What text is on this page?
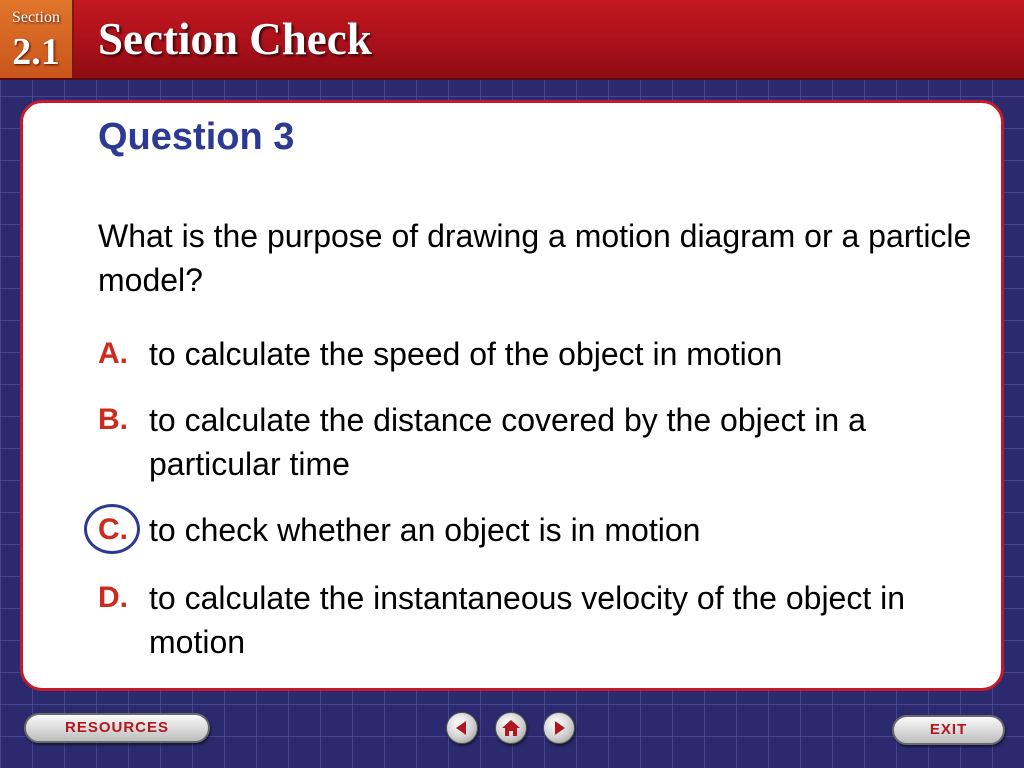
Section
2.1 Section Check
Question 3
What is the purpose of drawing a motion diagram or a particle model?
A. to calculate the speed of the object in motion
B. to calculate the distance covered by the object in a particular time
C. to check whether an object is in motion
D. to calculate the instantaneous velocity of the object in motion
RESOURCES	EXIT
